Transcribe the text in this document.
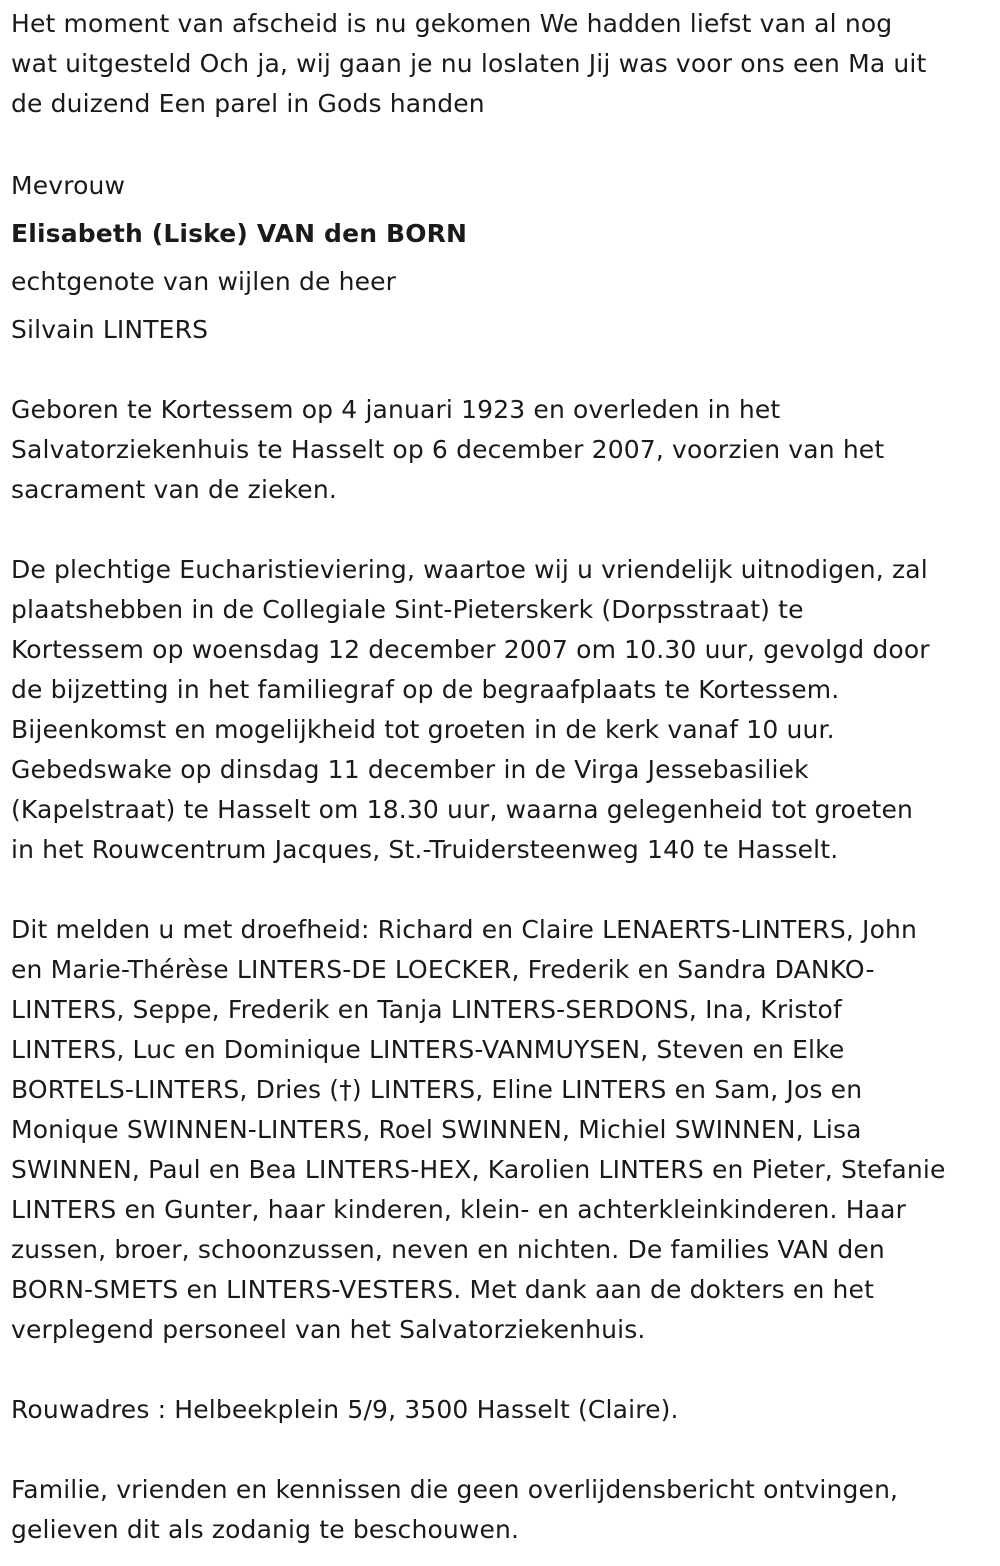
Het moment van afscheid is nu gekomen We hadden liefst van al nog
wat uitgesteld Och ja, wij gaan je nu loslaten Jij was voor ons een Ma uit
de duizend Een parel in Gods handen

Mevrouw

Elisabeth (Liske) VAN den BORN

echtgenote van wijlen de heer

Silvain LINTERS

Geboren te Kortessem op 4 januari 1923 en overleden in het
Salvatorziekenhuis te Hasselt op 6 december 2007, voorzien van het
sacrament van de zieken.

De plechtige Eucharistieviering, waartoe wij u vriendelijk uitnodigen, zal
plaatshebben in de Collegiale Sint-Pieterskerk (Dorpsstraat) te
Kortessem op woensdag 12 december 2007 om 10.30 uur, gevolgd door
de bijzetting in het familiegraf op de begraafplaats te Kortessem.
Bijeenkomst en mogelijkheid tot groeten in de kerk vanaf 10 uur.
Gebedswake op dinsdag 11 december in de Virga Jessebasiliek
(Kapelstraat) te Hasselt om 18.30 uur, waarna gelegenheid tot groeten
in het Rouwcentrum Jacques, St.-Truidersteenweg 140 te Hasselt.

Dit melden u met droefheid: Richard en Claire LENAERTS-LINTERS, John
en Marie-Thérèse LINTERS-DE LOECKER, Frederik en Sandra DANKO-
LINTERS, Seppe, Frederik en Tanja LINTERS-SERDONS, Ina, Kristof
LINTERS, Luc en Dominique LINTERS-VANMUYSEN, Steven en Elke
BORTELS-LINTERS, Dries (†) LINTERS, Eline LINTERS en Sam, Jos en
Monique SWINNEN-LINTERS, Roel SWINNEN, Michiel SWINNEN, Lisa
SWINNEN, Paul en Bea LINTERS-HEX, Karolien LINTERS en Pieter, Stefanie
LINTERS en Gunter, haar kinderen, klein- en achterkleinkinderen. Haar
zussen, broer, schoonzussen, neven en nichten. De families VAN den
BORN-SMETS en LINTERS-VESTERS. Met dank aan de dokters en het
verplegend personeel van het Salvatorziekenhuis.

Rouwadres : Helbeekplein 5/9, 3500 Hasselt (Claire).

Familie, vrienden en kennissen die geen overlijdensbericht ontvingen,
gelieven dit als zodanig te beschouwen.
